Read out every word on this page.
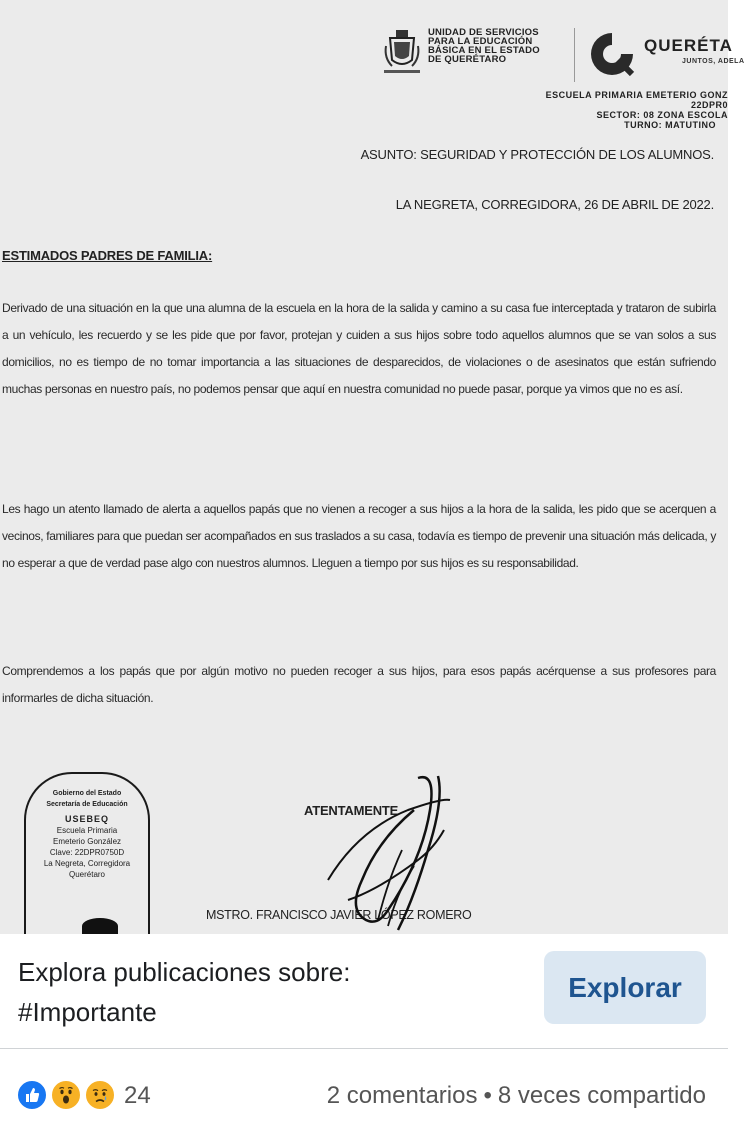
UNIDAD DE SERVICIOS
PARA LA EDUCACIÓN
BÁSICA EN EL ESTADO
DE QUERÉTARO
QUERÉTA
JUNTOS, ADELA
ESCUELA PRIMARIA EMETERIO GONZ
22DPR0
SECTOR: 08 ZONA ESCOLA
TURNO: MATUTINO
ASUNTO: SEGURIDAD Y PROTECCIÓN DE LOS ALUMNOS.
LA NEGRETA, CORREGIDORA, 26 DE ABRIL DE 2022.
ESTIMADOS PADRES DE FAMILIA:
Derivado de una situación en la que una alumna de la escuela en la hora de la salida y camino a su casa fue interceptada y trataron de subirla a un vehículo, les recuerdo y se les pide que por favor, protejan y cuiden a sus hijos sobre todo aquellos alumnos que se van solos a sus domicilios, no es tiempo de no tomar importancia a las situaciones de desparecidos, de violaciones o de asesinatos que están sufriendo muchas personas en nuestro país, no podemos pensar que aquí en nuestra comunidad no puede pasar, porque ya vimos que no es así.
Les hago un atento llamado de alerta a aquellos papás que no vienen a recoger a sus hijos a la hora de la salida, les pido que se acerquen a vecinos, familiares para que puedan ser acompañados en sus traslados a su casa, todavía es tiempo de prevenir una situación más delicada, y no esperar a que de verdad pase algo con nuestros alumnos. Lleguen a tiempo por sus hijos es su responsabilidad.
Comprendemos a los papás que por algún motivo no pueden recoger a sus hijos, para esos papás acérquense a sus profesores para informarles de dicha situación.
Gobierno del Estado
Secretaría de Educación
USEBEQ
Escuela Primaria
Emeterio González
Clave: 22DPR0750D
La Negreta, Corregidora
Querétaro
ATENTAMENTE
MSTRO. FRANCISCO JAVIER LÓPEZ ROMERO
Explora publicaciones sobre:
#Importante
Explorar
24	2 comentarios • 8 veces compartido
